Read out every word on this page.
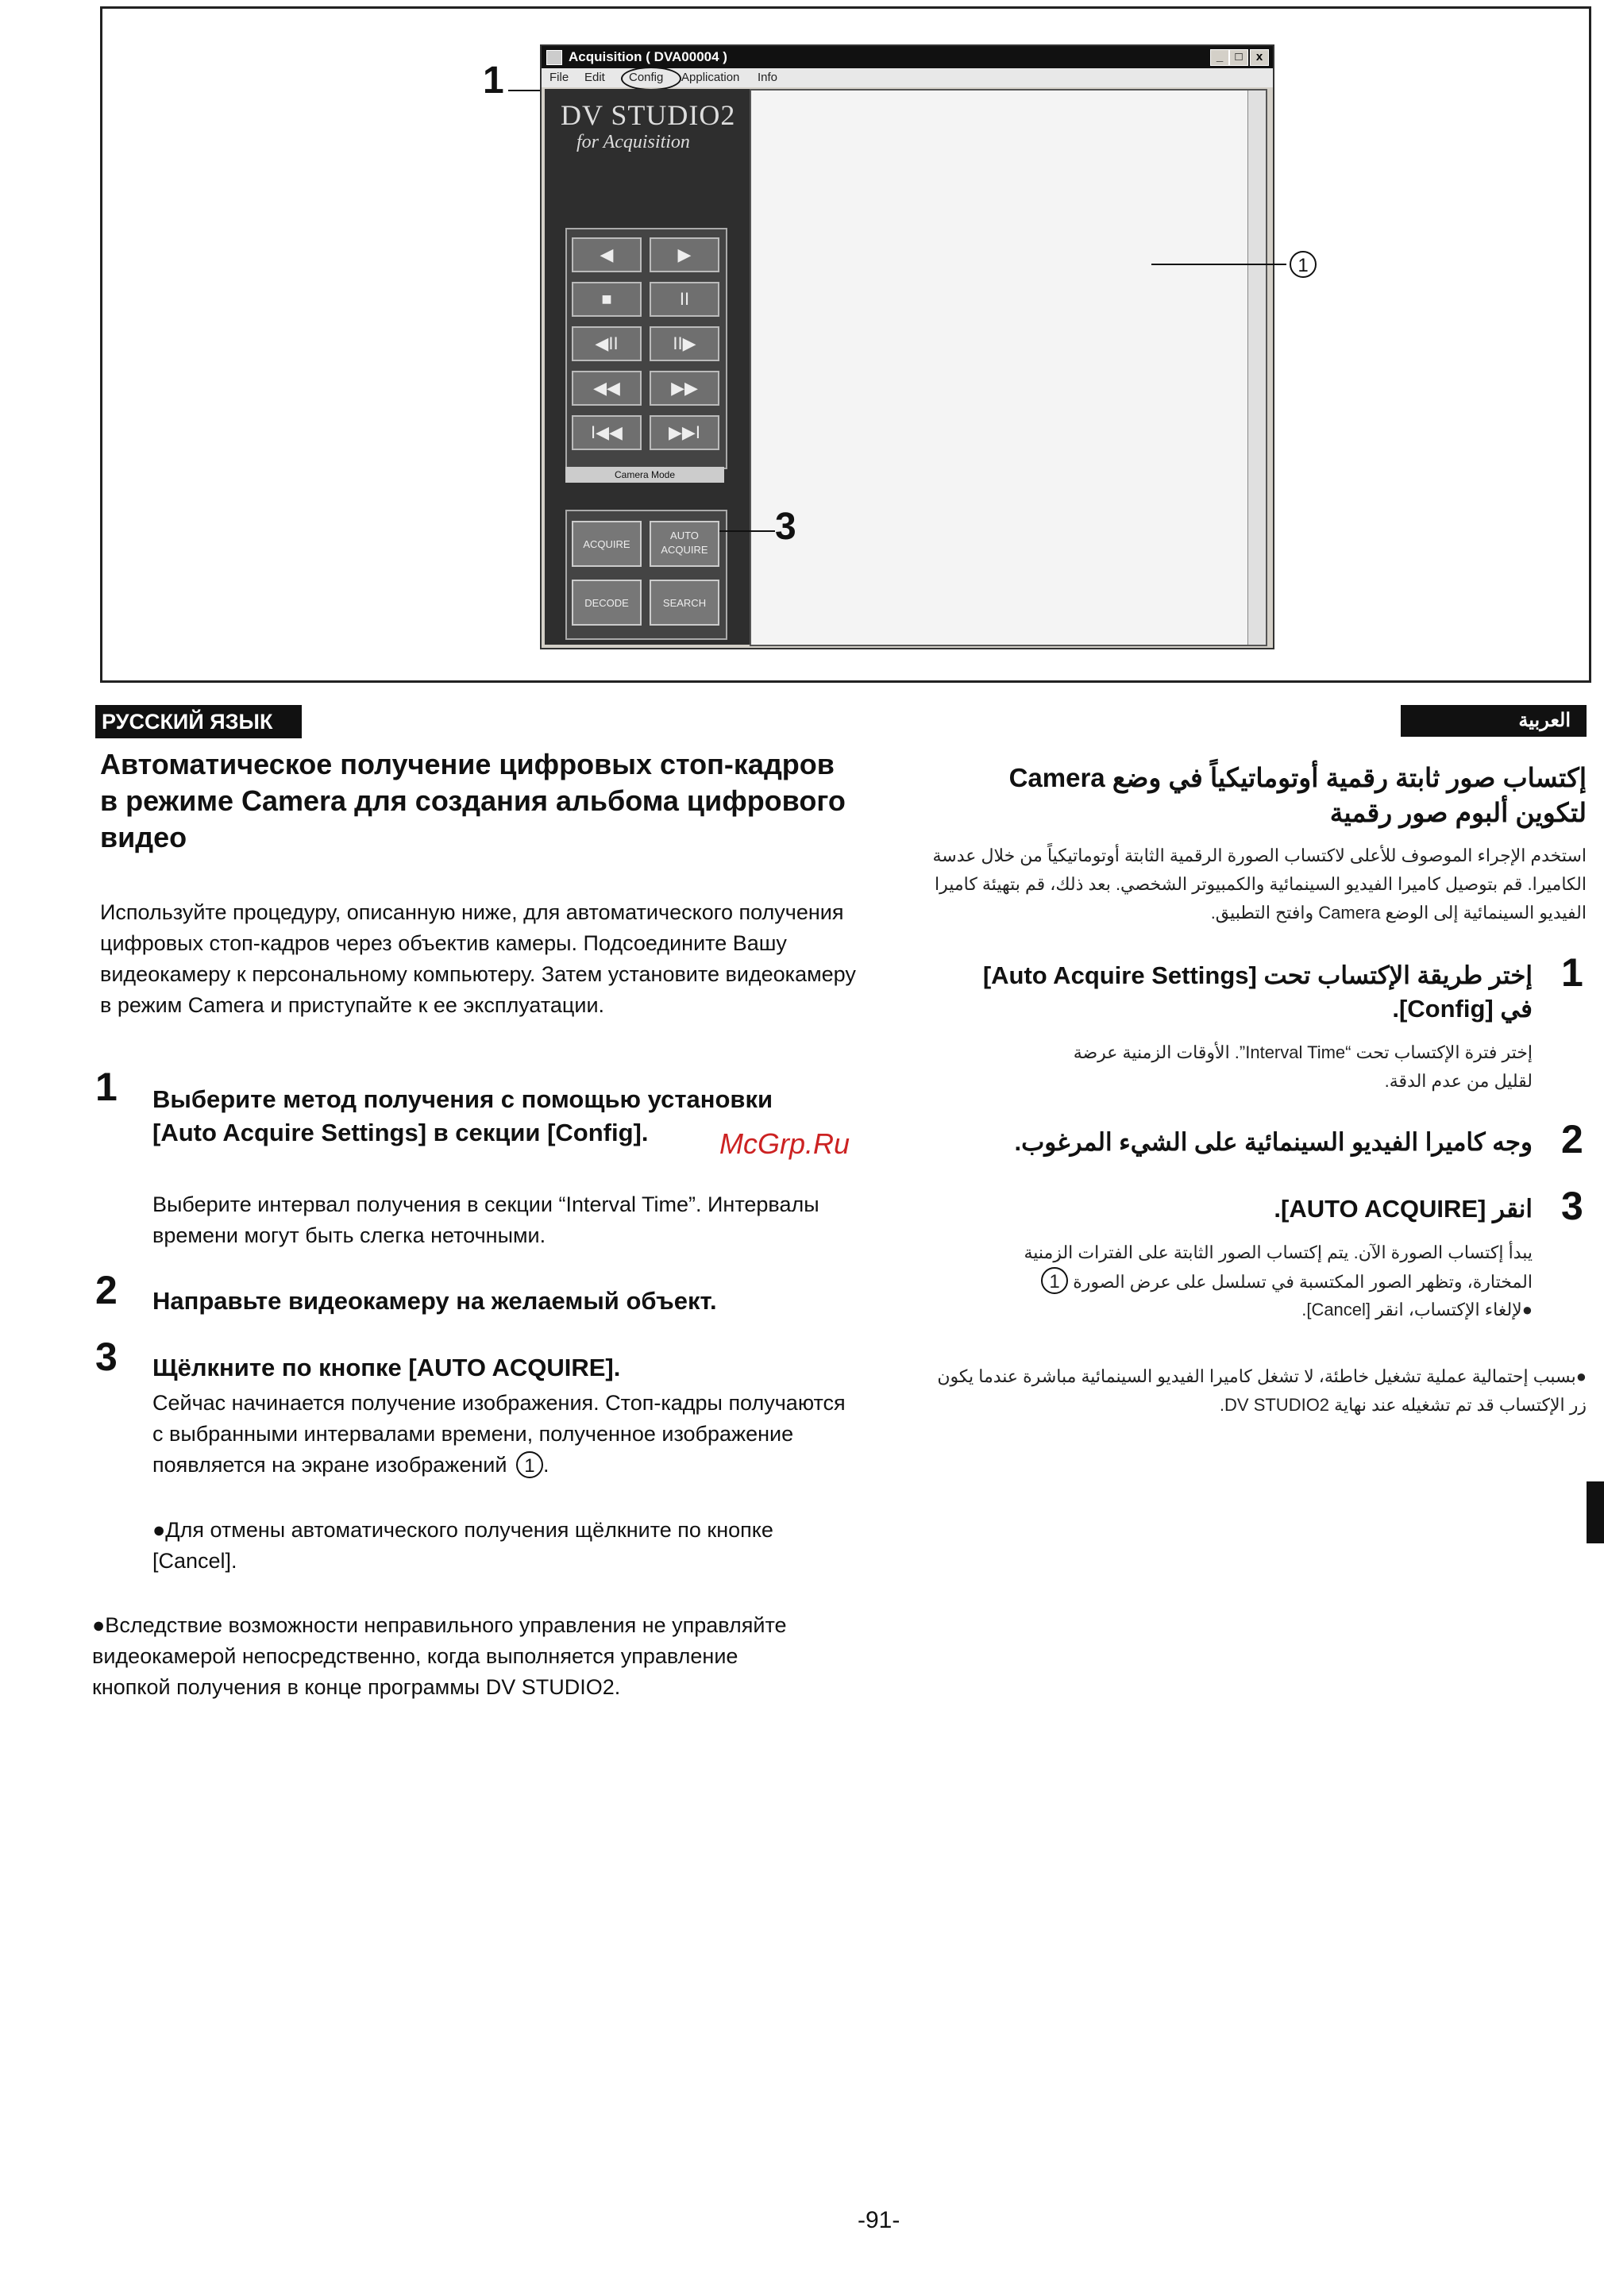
1
Acquisition ( DVA00004 )	_	□	x
File Edit Config Application Info
DV STUDIO2
for Acquisition
◀	▶
■	II
◀II	II▶
◀◀	▶▶
I◀◀	▶▶I
Camera Mode
ACQUIRE
AUTO ACQUIRE
DECODE	SEARCH
1
3
РУССКИЙ ЯЗЫК
Автоматическое получение цифровых стоп-кадров в режиме Camera для создания альбома цифрового видео
Используйте процедуру, описанную ниже, для автоматического получения цифровых стоп-кадров через объектив камеры. Подсоедините Вашу видеокамеру к персональному компьютеру. Затем установите видеокамеру в режим Camera и приступайте к ее эксплуатации.
1 Выберите метод получения с помощью установки [Auto Acquire Settings] в секции [Config].
Выберите интервал получения в секции “Interval Time”. Интервалы времени могут быть слегка неточными.
2 Направьте видеокамеру на желаемый объект.
3 Щёлкните по кнопке [AUTO ACQUIRE].
Сейчас начинается получение изображения. Стоп-кадры получаются с выбранными интервалами времени, полученное изображение появляется на экране изображений 1 .
●Для отмены автоматического получения щёлкните по кнопке [Cancel].
●Вследствие возможности неправильного управления не управляйте видеокамерой непосредственно, когда выполняется управление кнопкой получения в конце программы DV STUDIO2.
العربية
إكتساب صور ثابتة رقمية أوتوماتيكياً في وضع Camera لتكوين ألبوم صور رقمية
استخدم الإجراء الموصوف للأعلى لاكتساب الصورة الرقمية الثابتة أوتوماتيكياً من خلال عدسة الكاميرا. قم بتوصيل كاميرا الفيديو السينمائية والكمبيوتر الشخصي. بعد ذلك، قم بتهيئة كاميرا الفيديو السينمائية إلى الوضع Camera وافتح التطبيق.
1
إختر طريقة الإكتساب تحت [Auto Acquire Settings] في [Config].
إختر فترة الإكتساب تحت “Interval Time”. الأوقات الزمنية عرضة لقليل من عدم الدقة.
2
وجه كاميرا الفيديو السينمائية على الشيء المرغوب.
3
انقر [AUTO ACQUIRE].
يبدأ إكتساب الصورة الآن. يتم إكتساب الصور الثابتة على الفترات الزمنية المختارة، وتظهر الصور المكتسبة في تسلسل على عرض الصورة 1
●لإلغاء الإكتساب، انقر [Cancel].
●بسبب إحتمالية عملية تشغيل خاطئة، لا تشغل كاميرا الفيديو السينمائية مباشرة عندما يكون زر الإكتساب قد تم تشغيله عند نهاية DV STUDIO2.
McGrp.Ru
-91-
